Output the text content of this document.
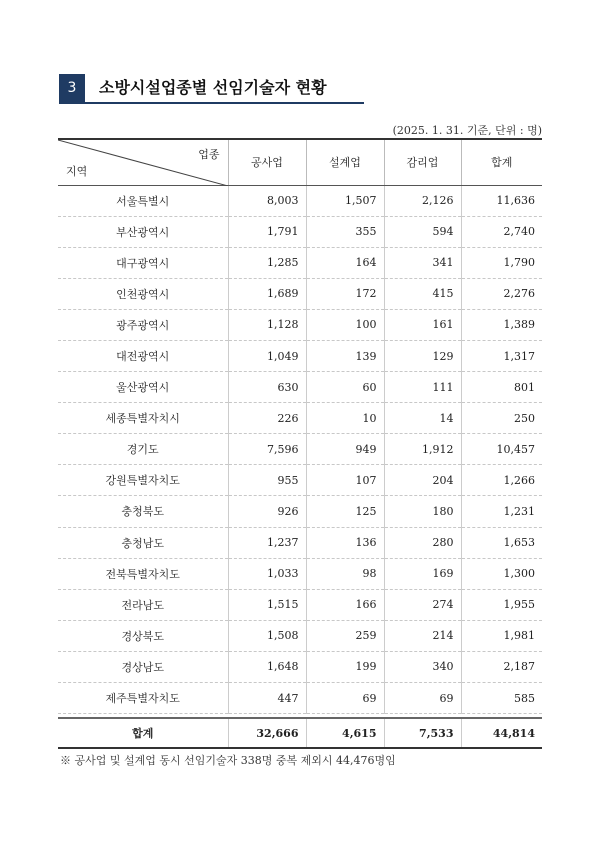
3	소방시설업종별 선임기술자 현황
(2025. 1. 31. 기준, 단위 : 명)
업종
지역	공사업	설계업	감리업	합계
서울특별시	8,003	1,507	2,126	11,636
부산광역시	1,791	355	594	2,740
대구광역시	1,285	164	341	1,790
인천광역시	1,689	172	415	2,276
광주광역시	1,128	100	161	1,389
대전광역시	1,049	139	129	1,317
울산광역시	630	60	111	801
세종특별자치시	226	10	14	250
경기도	7,596	949	1,912	10,457
강원특별자치도	955	107	204	1,266
충청북도	926	125	180	1,231
충청남도	1,237	136	280	1,653
전북특별자치도	1,033	98	169	1,300
전라남도	1,515	166	274	1,955
경상북도	1,508	259	214	1,981
경상남도	1,648	199	340	2,187
제주특별자치도	447	69	69	585

합계	32,666	4,615	7,533	44,814
※ 공사업 및 설계업 동시 선임기술자 338명 중복 제외시 44,476명임
